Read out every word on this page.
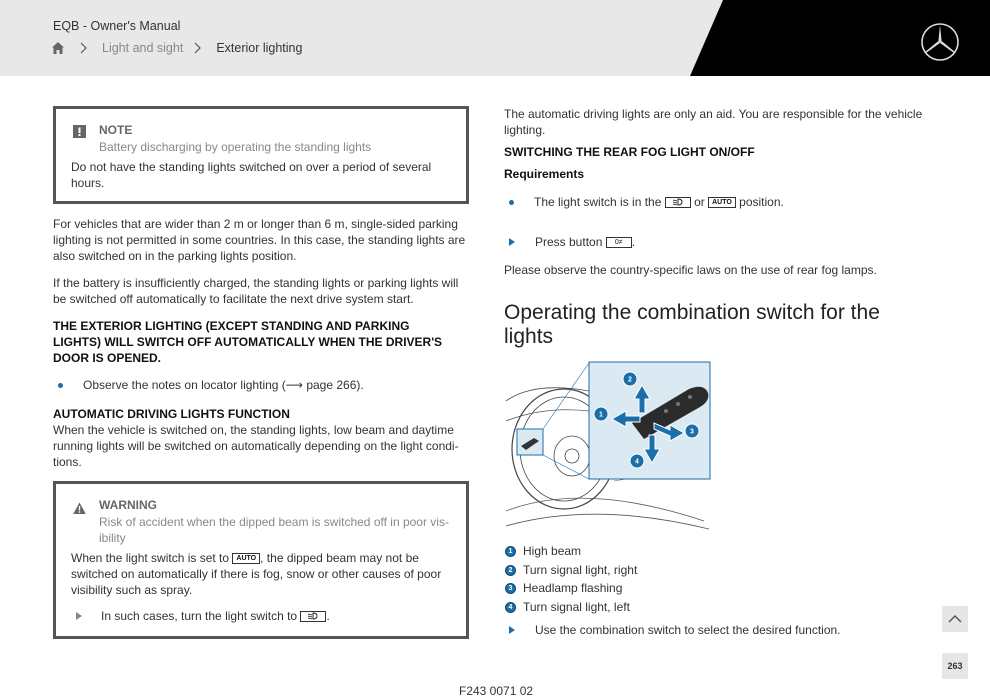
EQB - Owner's Manual
Light and sight	Exterior lighting
NOTE
Battery discharging by operating the standing lights
Do not have the standing lights switched on over a period of several hours.

For vehicles that are wider than 2 m or longer than 6 m, single-sided parking lighting is not permitted in some countries. In this case, the standing lights are also switched on in the parking lights position.

If the battery is insufficiently charged, the standing lights or parking lights will be switched off automatically to facilitate the next drive system start.

THE EXTERIOR LIGHTING (EXCEPT STANDING AND PARKING LIGHTS) WILL SWITCH OFF AUTOMATICALLY WHEN THE DRIVER'S DOOR IS OPENED.

Observe the notes on locator lighting (⟶ page 266).

AUTOMATIC DRIVING LIGHTS FUNCTION

When the vehicle is switched on, the standing lights, low beam and daytime running lights will be switched on automatically depending on the light condi-tions.

WARNING
Risk of accident when the dipped beam is switched off in poor vis-ibility
When the light switch is set to AUTO , the dipped beam may not be switched on automatically if there is fog, snow or other causes of poor visibility such as spray.
In such cases, turn the light switch to .

The automatic driving lights are only an aid. You are responsible for the vehicle lighting.

SWITCHING THE REAR FOG LIGHT ON/OFF

Requirements

The light switch is in the	or AUTO position.
Press button 0≠ .

Please observe the country-specific laws on the use of rear fog lamps.

Operating the combination switch for the lights
2
1
3
4
1 High beam
2 Turn signal light, right
3 Headlamp flashing
4 Turn signal light, left

Use the combination switch to select the desired function.

F243 0071 02
263
